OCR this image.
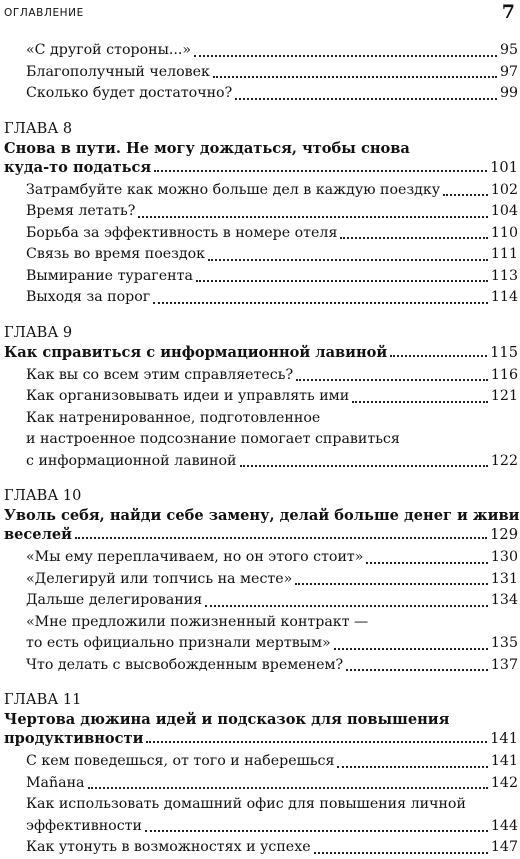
ОГЛАВЛЕНИЕ	7
«С другой стороны...»	95
Благополучный человек	97
Сколько будет достаточно?	99
ГЛАВА 8
Снова в пути. Не могу дождаться, чтобы снова
куда-то податься	101
Затрамбуйте как можно больше дел в каждую поездку	102
Время летать?	104
Борьба за эффективность в номере отеля	110
Связь во время поездок	111
Вымирание турагента	113
Выходя за порог	114
ГЛАВА 9
Как справиться с информационной лавиной	115
Как вы со всем этим справляетесь?	116
Как организовывать идеи и управлять ими	121
Как натренированное, подготовленное
и настроенное подсознание помогает справиться
с информационной лавиной	122
ГЛАВА 10
Уволь себя, найди себе замену, делай больше денег и живи
веселей	129
«Мы ему переплачиваем, но он этого стоит»	130
«Делегируй или топчись на месте»	131
Дальше делегирования	134
«Мне предложили пожизненный контракт —
то есть официально признали мертвым»	135
Что делать с высвобожденным временем?	137
ГЛАВА 11
Чертова дюжина идей и подсказок для повышения
продуктивности	141
С кем поведешься, от того и наберешься	141
Маñана	142
Как использовать домашний офис для повышения личной
эффективности	144
Как утонуть в возможностях и успехе	147
